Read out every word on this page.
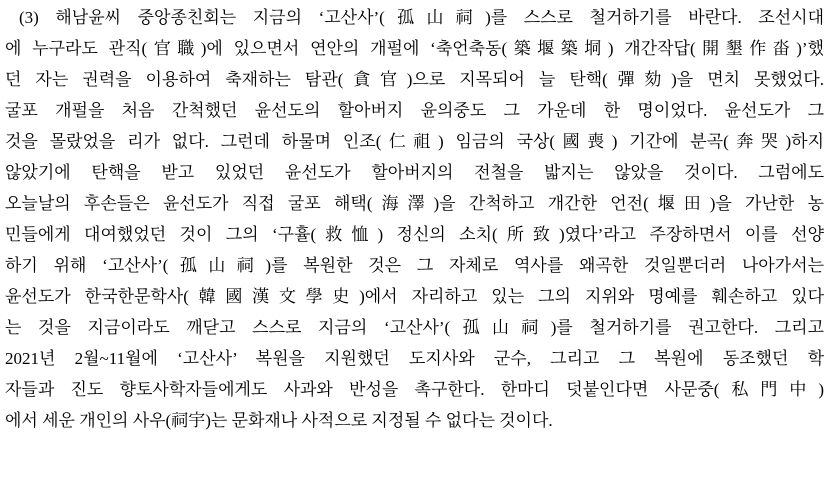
(3) 해남윤씨 중앙종친회는 지금의 ‘고산사’(孤山祠)를 스스로 철거하기를 바란다. 조선시대

에 누구라도 관직(官職)에 있으면서 연안의 개펄에 ‘축언축동(築堰築垌) 개간작답(開墾作畓)’했

던 자는 권력을 이용하여 축재하는 탐관(貪官)으로 지목되어 늘 탄핵(彈劾)을 면치 못했었다.

굴포 개펄을 처음 간척했던 윤선도의 할아버지 윤의중도 그 가운데 한 명이었다. 윤선도가 그

것을 몰랐었을 리가 없다. 그런데 하물며 인조(仁祖) 임금의 국상(國喪) 기간에 분곡(奔哭)하지

않았기에 탄핵을 받고 있었던 윤선도가 할아버지의 전철을 밟지는 않았을 것이다. 그럼에도

오늘날의 후손들은 윤선도가 직접 굴포 해택(海澤)을 간척하고 개간한 언전(堰田)을 가난한 농

민들에게 대여했었던 것이 그의 ‘구휼(救恤) 정신의 소치(所致)였다’라고 주장하면서 이를 선양

하기 위해 ‘고산사’(孤山祠)를 복원한 것은 그 자체로 역사를 왜곡한 것일뿐더러 나아가서는

윤선도가 한국한문학사(韓國漢文學史)에서 자리하고 있는 그의 지위와 명예를 훼손하고 있다

는 것을 지금이라도 깨닫고 스스로 지금의 ‘고산사’(孤山祠)를 철거하기를 권고한다. 그리고

2021년 2월~11월에 ‘고산사’ 복원을 지원했던 도지사와 군수, 그리고 그 복원에 동조했던 학

자들과 진도 향토사학자들에게도 사과와 반성을 촉구한다. 한마디 덧붙인다면 사문중(私門中)

에서 세운 개인의 사우(祠宇)는 문화재나 사적으로 지정될 수 없다는 것이다.
